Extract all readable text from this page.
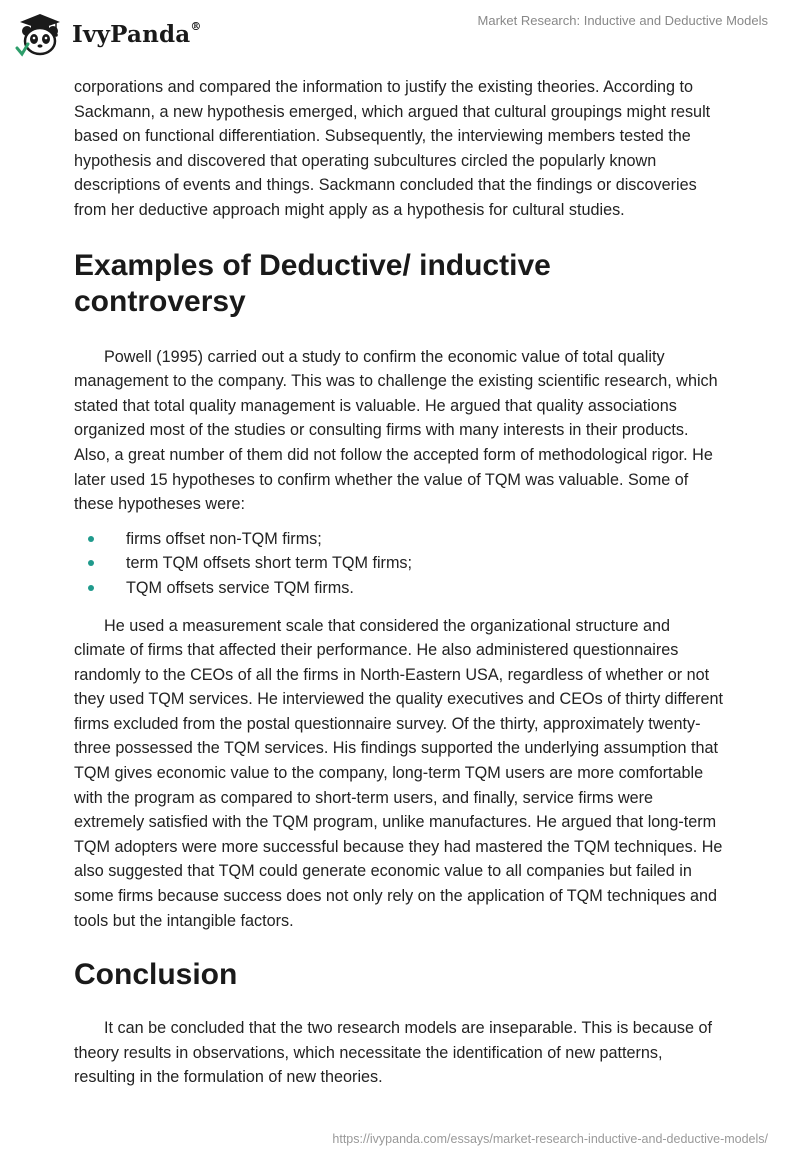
IvyPanda®	Market Research: Inductive and Deductive Models

corporations and compared the information to justify the existing theories. According to Sackmann, a new hypothesis emerged, which argued that cultural groupings might result based on functional differentiation. Subsequently, the interviewing members tested the hypothesis and discovered that operating subcultures circled the popularly known descriptions of events and things. Sackmann concluded that the findings or discoveries from her deductive approach might apply as a hypothesis for cultural studies.

Examples of Deductive/ inductive controversy

Powell (1995) carried out a study to confirm the economic value of total quality management to the company. This was to challenge the existing scientific research, which stated that total quality management is valuable. He argued that quality associations organized most of the studies or consulting firms with many interests in their products. Also, a great number of them did not follow the accepted form of methodological rigor. He later used 15 hypotheses to confirm whether the value of TQM was valuable. Some of these hypotheses were:

firms offset non-TQM firms;
term TQM offsets short term TQM firms;
TQM offsets service TQM firms.

He used a measurement scale that considered the organizational structure and climate of firms that affected their performance. He also administered questionnaires randomly to the CEOs of all the firms in North-Eastern USA, regardless of whether or not they used TQM services. He interviewed the quality executives and CEOs of thirty different firms excluded from the postal questionnaire survey. Of the thirty, approximately twenty-three possessed the TQM services. His findings supported the underlying assumption that TQM gives economic value to the company, long-term TQM users are more comfortable with the program as compared to short-term users, and finally, service firms were extremely satisfied with the TQM program, unlike manufactures. He argued that long-term TQM adopters were more successful because they had mastered the TQM techniques. He also suggested that TQM could generate economic value to all companies but failed in some firms because success does not only rely on the application of TQM techniques and tools but the intangible factors.

Conclusion

It can be concluded that the two research models are inseparable. This is because of theory results in observations, which necessitate the identification of new patterns, resulting in the formulation of new theories.

https://ivypanda.com/essays/market-research-inductive-and-deductive-models/
